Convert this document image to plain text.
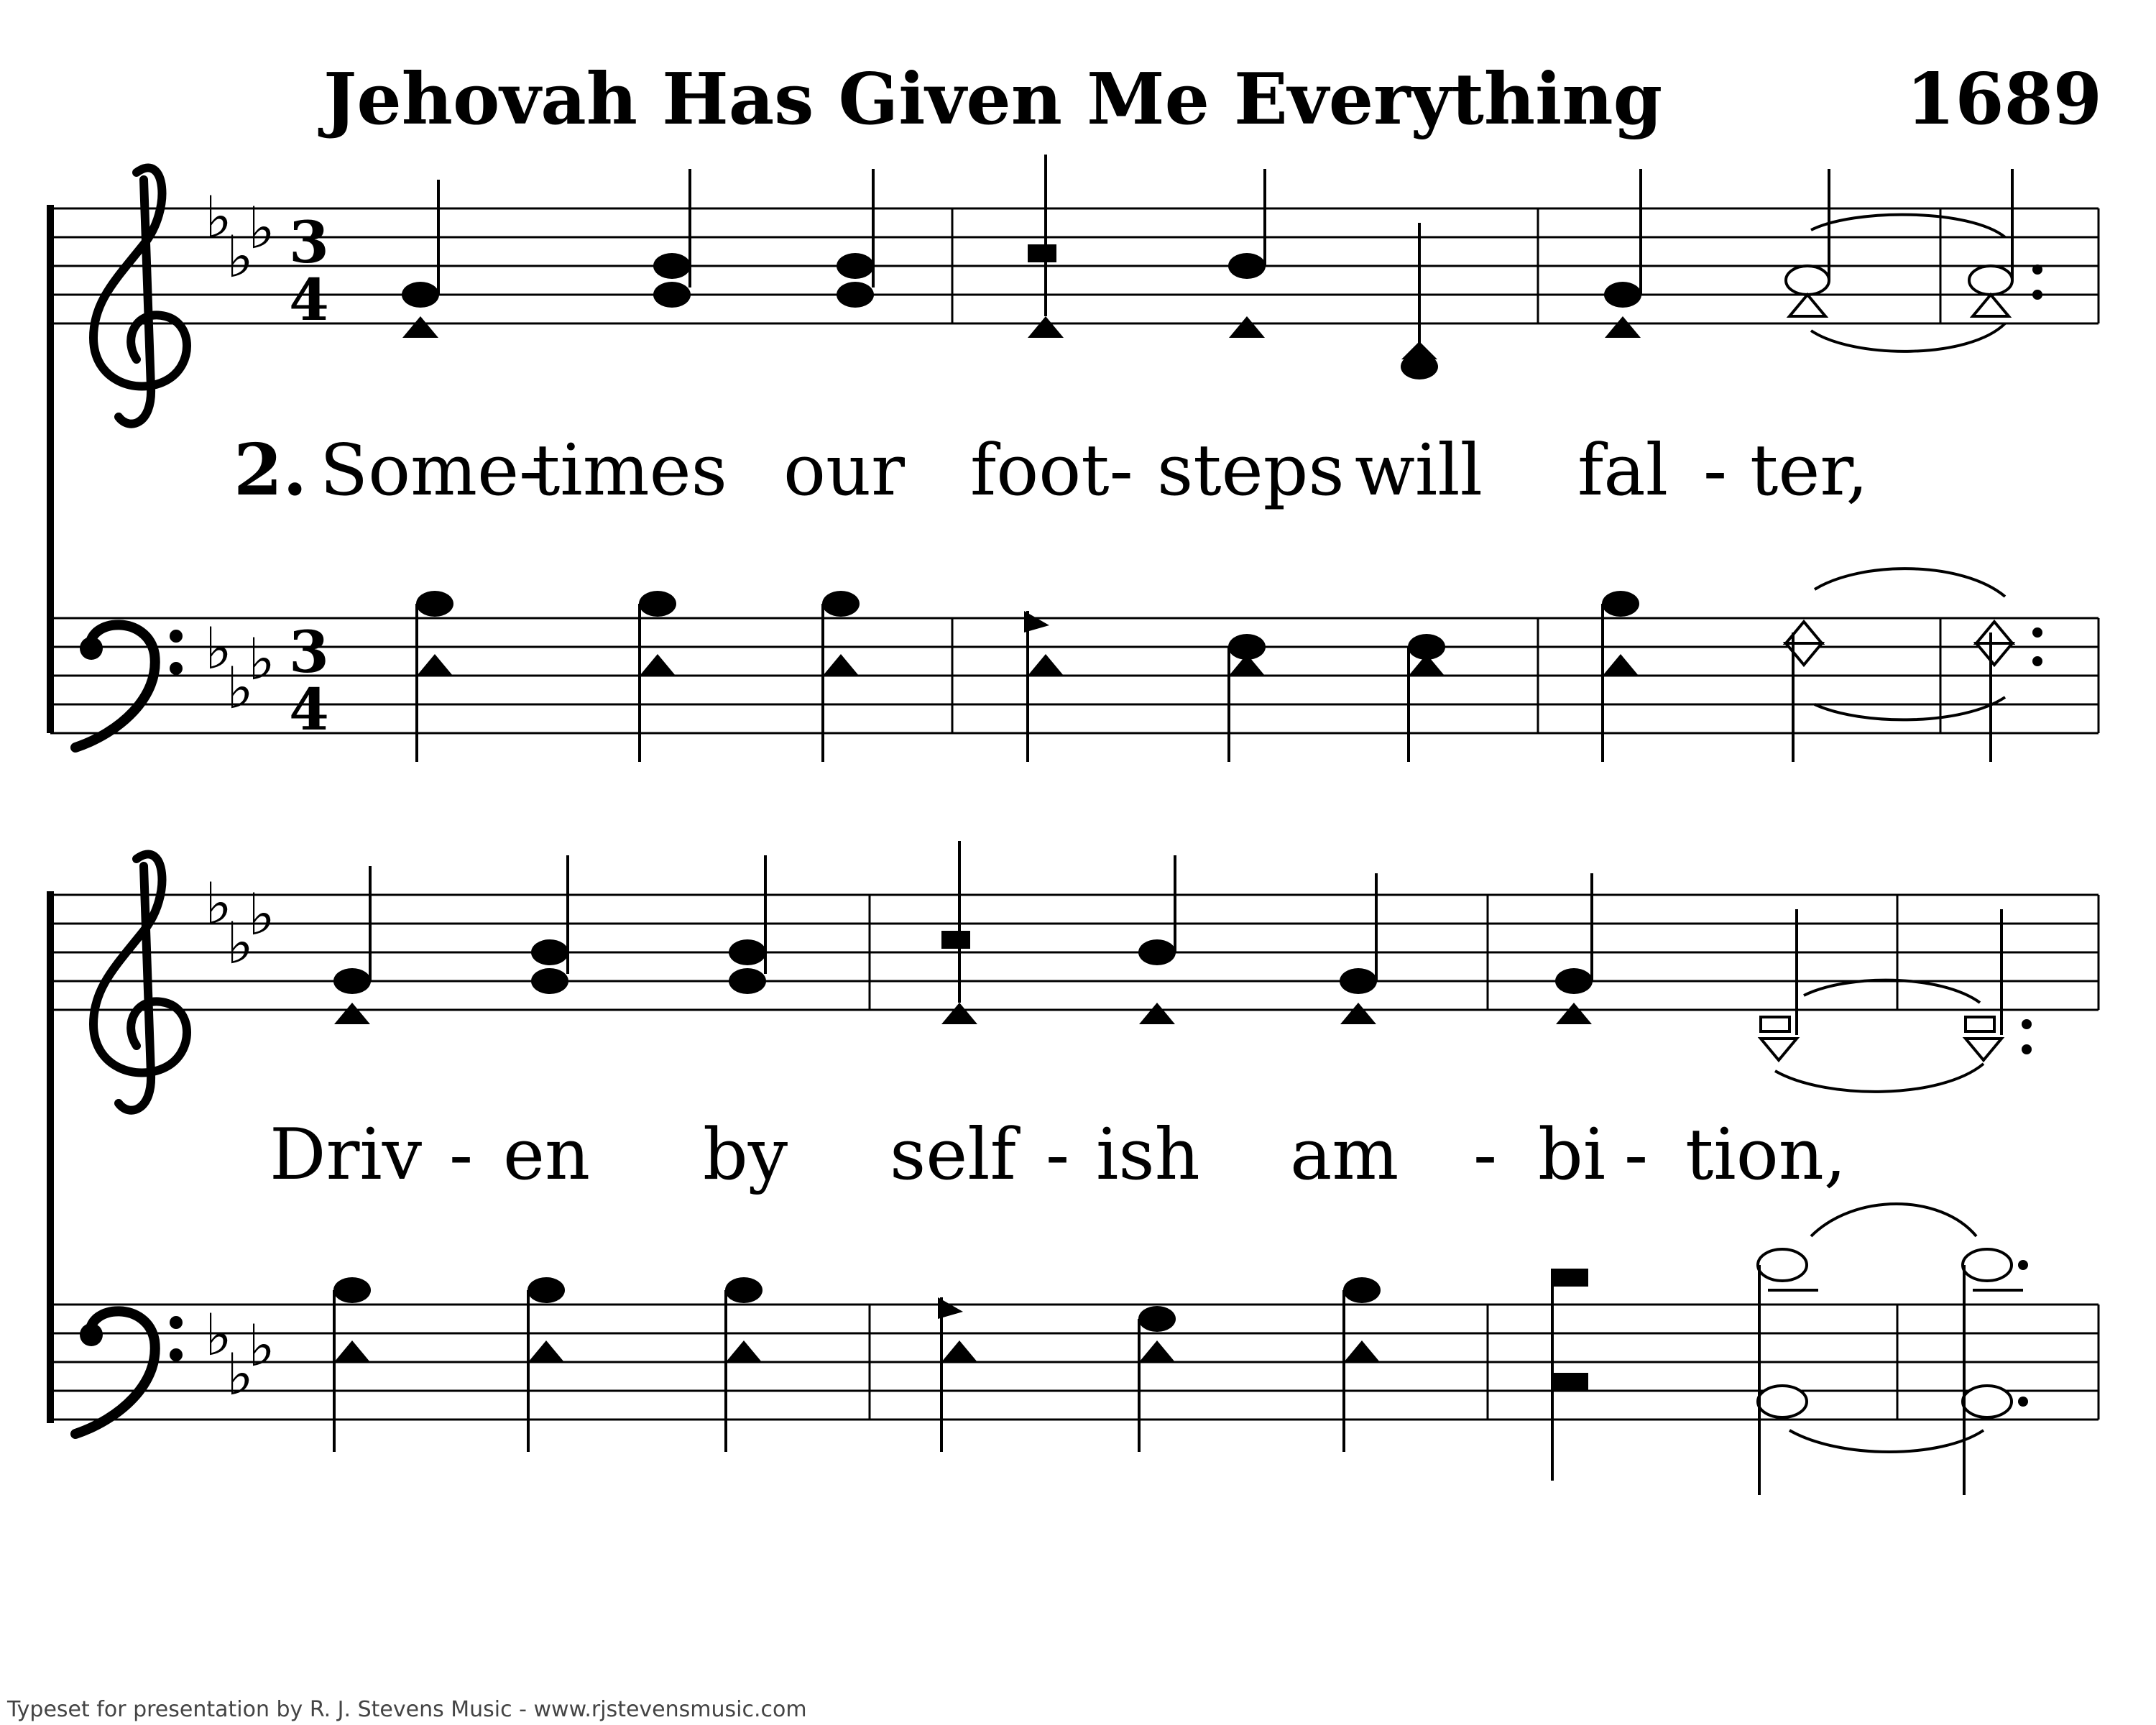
Jehovah Has Given Me Everything	1689
♭
♭
♭ 3
4
2. Some-
times our foot- steps will fal - ter,
♭
♭
♭ 3
4
♭
♭
♭
Driv - en by self - ish am - bi - tion,
♭
♭
♭
Typeset for presentation by R. J. Stevens Music - www.rjstevensmusic.com
